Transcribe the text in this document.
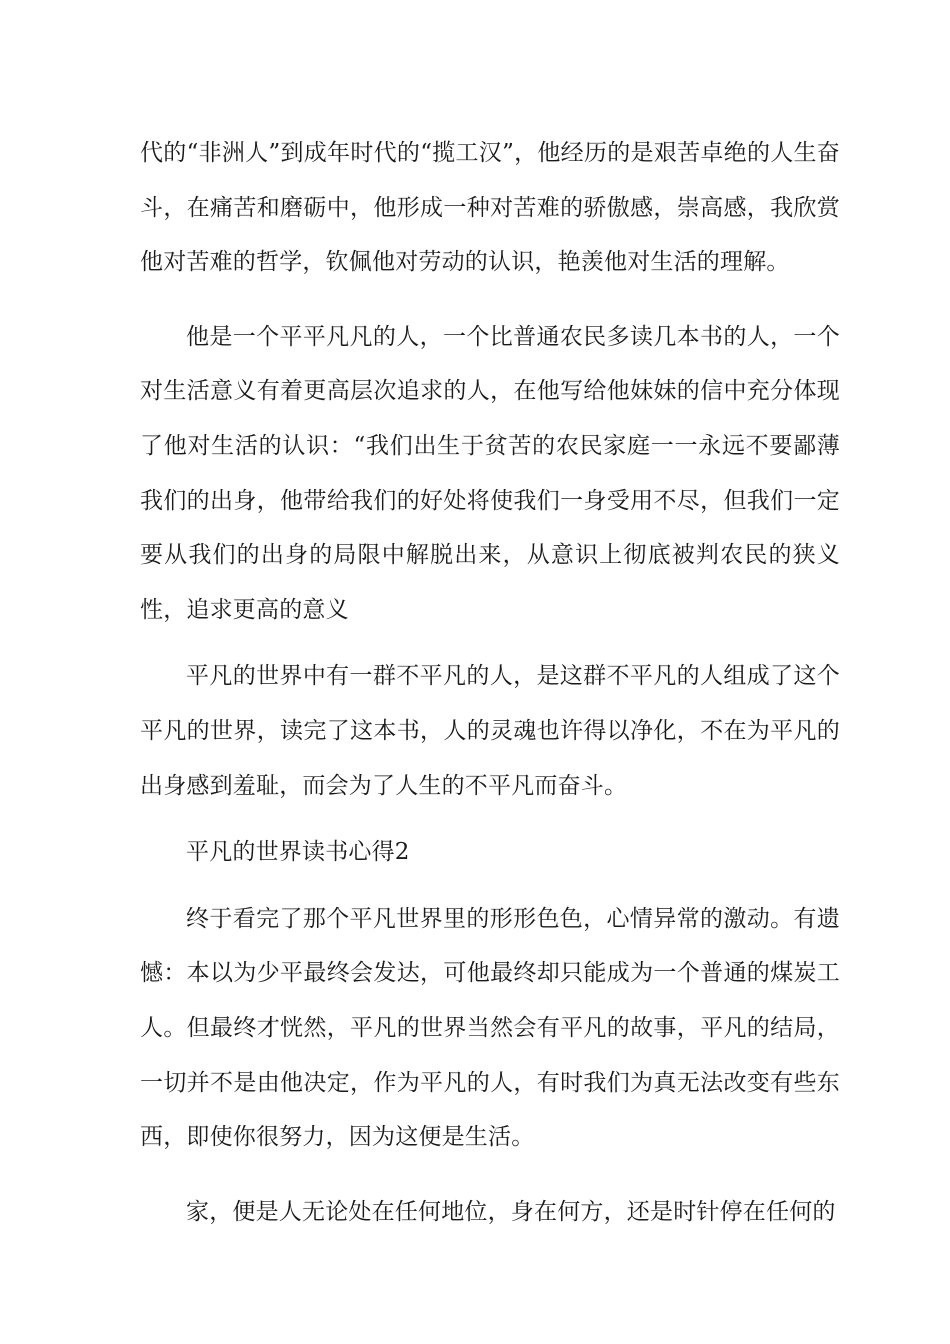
代的“非洲人”到成年时代的“揽工汉”，他经历的是艰苦卓绝的人生奋斗，在痛苦和磨砺中，他形成一种对苦难的骄傲感，崇高感，我欣赏他对苦难的哲学，钦佩他对劳动的认识，艳羡他对生活的理解。

他是一个平平凡凡的人，一个比普通农民多读几本书的人，一个对生活意义有着更高层次追求的人，在他写给他妹妹的信中充分体现了他对生活的认识：“我们出生于贫苦的农民家庭一一永远不要鄙薄我们的出身，他带给我们的好处将使我们一身受用不尽，但我们一定要从我们的出身的局限中解脱出来，从意识上彻底被判农民的狭义性，追求更高的意义

平凡的世界中有一群不平凡的人，是这群不平凡的人组成了这个平凡的世界，读完了这本书，人的灵魂也许得以净化，不在为平凡的出身感到羞耻，而会为了人生的不平凡而奋斗。

平凡的世界读书心得2

终于看完了那个平凡世界里的形形色色，心情异常的激动。有遗憾：本以为少平最终会发达，可他最终却只能成为一个普通的煤炭工人。但最终才恍然，平凡的世界当然会有平凡的故事，平凡的结局，一切并不是由他决定，作为平凡的人，有时我们为真无法改变有些东西，即使你很努力，因为这便是生活。

家，便是人无论处在任何地位，身在何方，还是时针停在任何的
